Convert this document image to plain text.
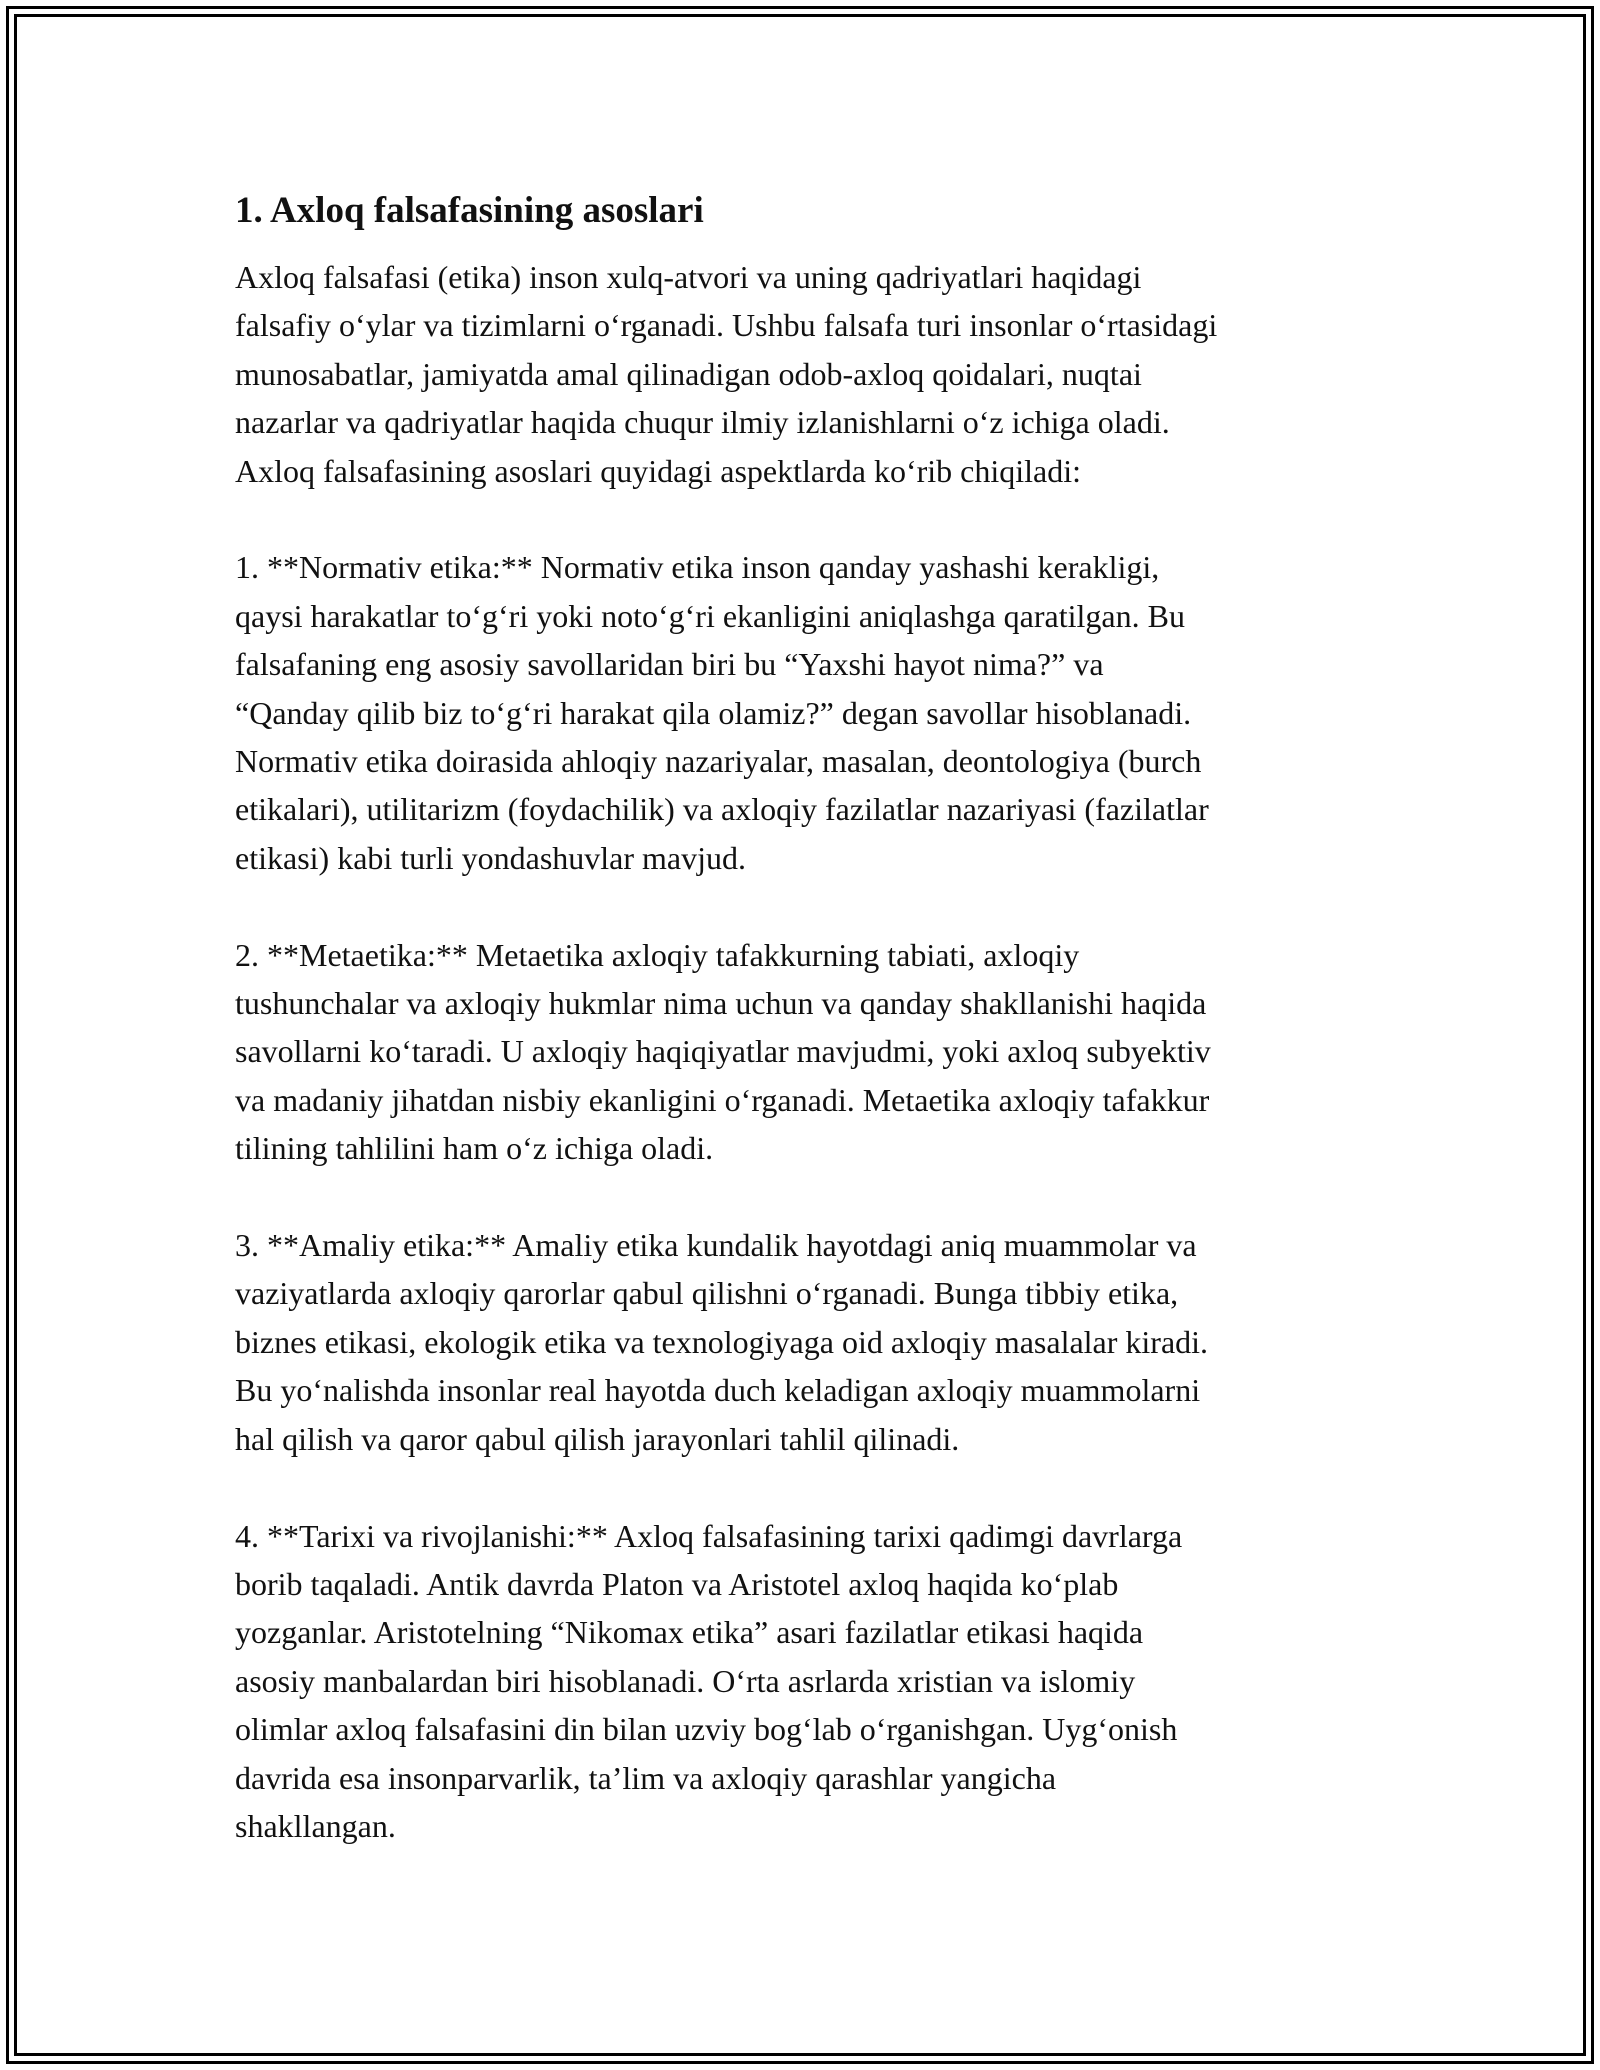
1. Axloq falsafasining asoslari

Axloq falsafasi (etika) inson xulq-atvori va uning qadriyatlari haqidagi
falsafiy o‘ylar va tizimlarni o‘rganadi. Ushbu falsafa turi insonlar o‘rtasidagi
munosabatlar, jamiyatda amal qilinadigan odob-axloq qoidalari, nuqtai
nazarlar va qadriyatlar haqida chuqur ilmiy izlanishlarni o‘z ichiga oladi.
Axloq falsafasining asoslari quyidagi aspektlarda ko‘rib chiqiladi:

1. **Normativ etika:** Normativ etika inson qanday yashashi kerakligi,
qaysi harakatlar to‘g‘ri yoki noto‘g‘ri ekanligini aniqlashga qaratilgan. Bu
falsafaning eng asosiy savollaridan biri bu “Yaxshi hayot nima?” va
“Qanday qilib biz to‘g‘ri harakat qila olamiz?” degan savollar hisoblanadi.
Normativ etika doirasida ahloqiy nazariyalar, masalan, deontologiya (burch
etikalari), utilitarizm (foydachilik) va axloqiy fazilatlar nazariyasi (fazilatlar
etikasi) kabi turli yondashuvlar mavjud.

2. **Metaetika:** Metaetika axloqiy tafakkurning tabiati, axloqiy
tushunchalar va axloqiy hukmlar nima uchun va qanday shakllanishi haqida
savollarni ko‘taradi. U axloqiy haqiqiyatlar mavjudmi, yoki axloq subyektiv
va madaniy jihatdan nisbiy ekanligini o‘rganadi. Metaetika axloqiy tafakkur
tilining tahlilini ham o‘z ichiga oladi.

3. **Amaliy etika:** Amaliy etika kundalik hayotdagi aniq muammolar va
vaziyatlarda axloqiy qarorlar qabul qilishni o‘rganadi. Bunga tibbiy etika,
biznes etikasi, ekologik etika va texnologiyaga oid axloqiy masalalar kiradi.
Bu yo‘nalishda insonlar real hayotda duch keladigan axloqiy muammolarni
hal qilish va qaror qabul qilish jarayonlari tahlil qilinadi.

4. **Tarixi va rivojlanishi:** Axloq falsafasining tarixi qadimgi davrlarga
borib taqaladi. Antik davrda Platon va Aristotel axloq haqida ko‘plab
yozganlar. Aristotelning “Nikomax etika” asari fazilatlar etikasi haqida
asosiy manbalardan biri hisoblanadi. O‘rta asrlarda xristian va islomiy
olimlar axloq falsafasini din bilan uzviy bog‘lab o‘rganishgan. Uyg‘onish
davrida esa insonparvarlik, ta’lim va axloqiy qarashlar yangicha
shakllangan.
